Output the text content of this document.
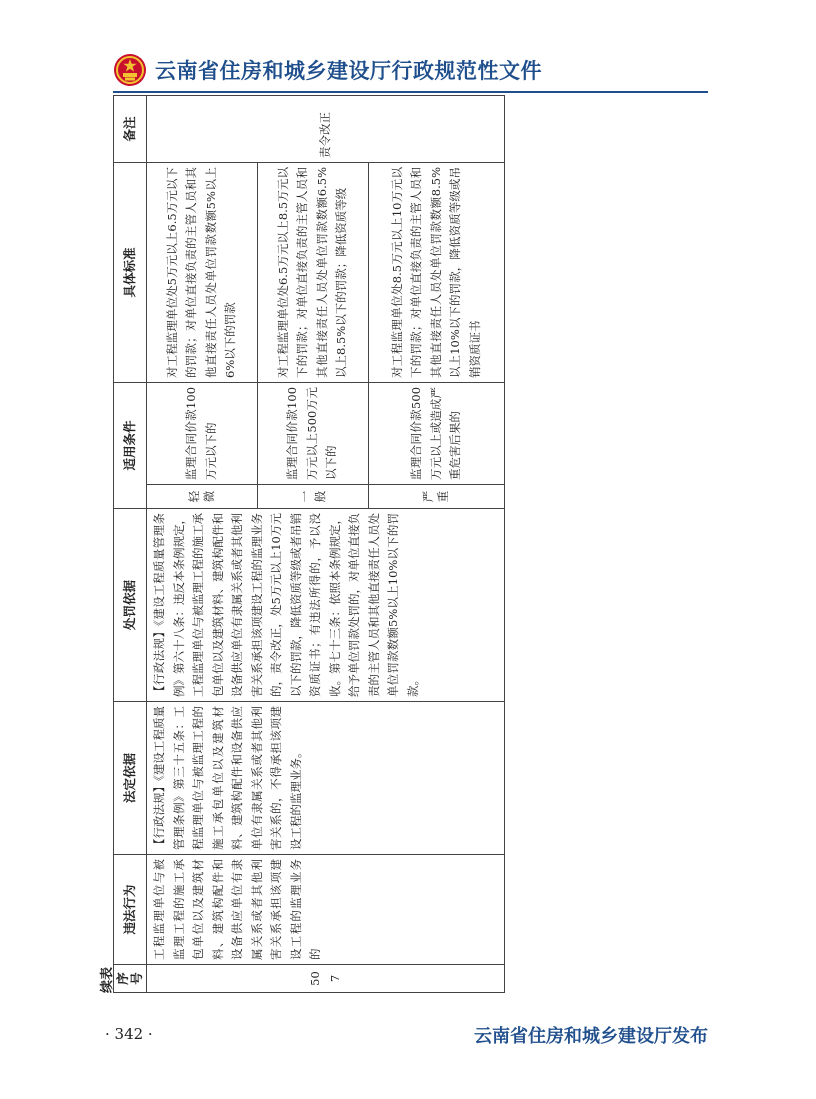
云南省住房和城乡建设厅行政规范性文件
续表 序号	违法行为	法定依据	处罚依据	适用条件		具体标准	备注
507	工程监理单位与被监理工程的施工承包单位以及建筑材料、建筑构配件和设备供应单位有隶属关系或者其他利害关系承担该项建设工程的监理业务的	【行政法规】《建设工程质量管理条例》第三十五条：工程监理单位与被监理工程的施工承包单位以及建筑材料、建筑构配件和设备供应单位有隶属关系或者其他利害关系的，不得承担该项建设工程的监理业务。	【行政法规】《建设工程质量管理条例》第六十八条：违反本条例规定，工程监理单位与被监理工程的施工承包单位以及建筑材料、建筑构配件和设备供应单位有隶属关系或者其他利害关系承担该项建设工程的监理业务的，责令改正，处5万元以上10万元以下的罚款，降低资质等级或者吊销资质证书；有违法所得的，予以没收。第七十三条：依照本条例规定，给予单位罚款处罚的，对单位直接负责的主管人员和其他直接责任人员处单位罚款数额5%以上10%以下的罚款。	轻微	监理合同价款100万元以下的	对工程监理单位处5万元以上6.5万元以下的罚款；对单位直接负责的主管人员和其他直接责任人员处单位罚款数额5%以上6%以下的罚款	责令改正
				一般	监理合同价款100万元以上500万元以下的	对工程监理单位处6.5万元以上8.5万元以下的罚款；对单位直接负责的主管人员和其他直接责任人员处单位罚款数额6.5%以上8.5%以下的罚款；降低资质等级	
				严重	监理合同价款500万元以上或造成严重危害后果的	对工程监理单位处8.5万元以上10万元以下的罚款；对单位直接负责的主管人员和其他直接责任人员处单位罚款数额8.5%以上10%以下的罚款，降低资质等级或吊销资质证书	
· 342 ·	云南省住房和城乡建设厅发布
